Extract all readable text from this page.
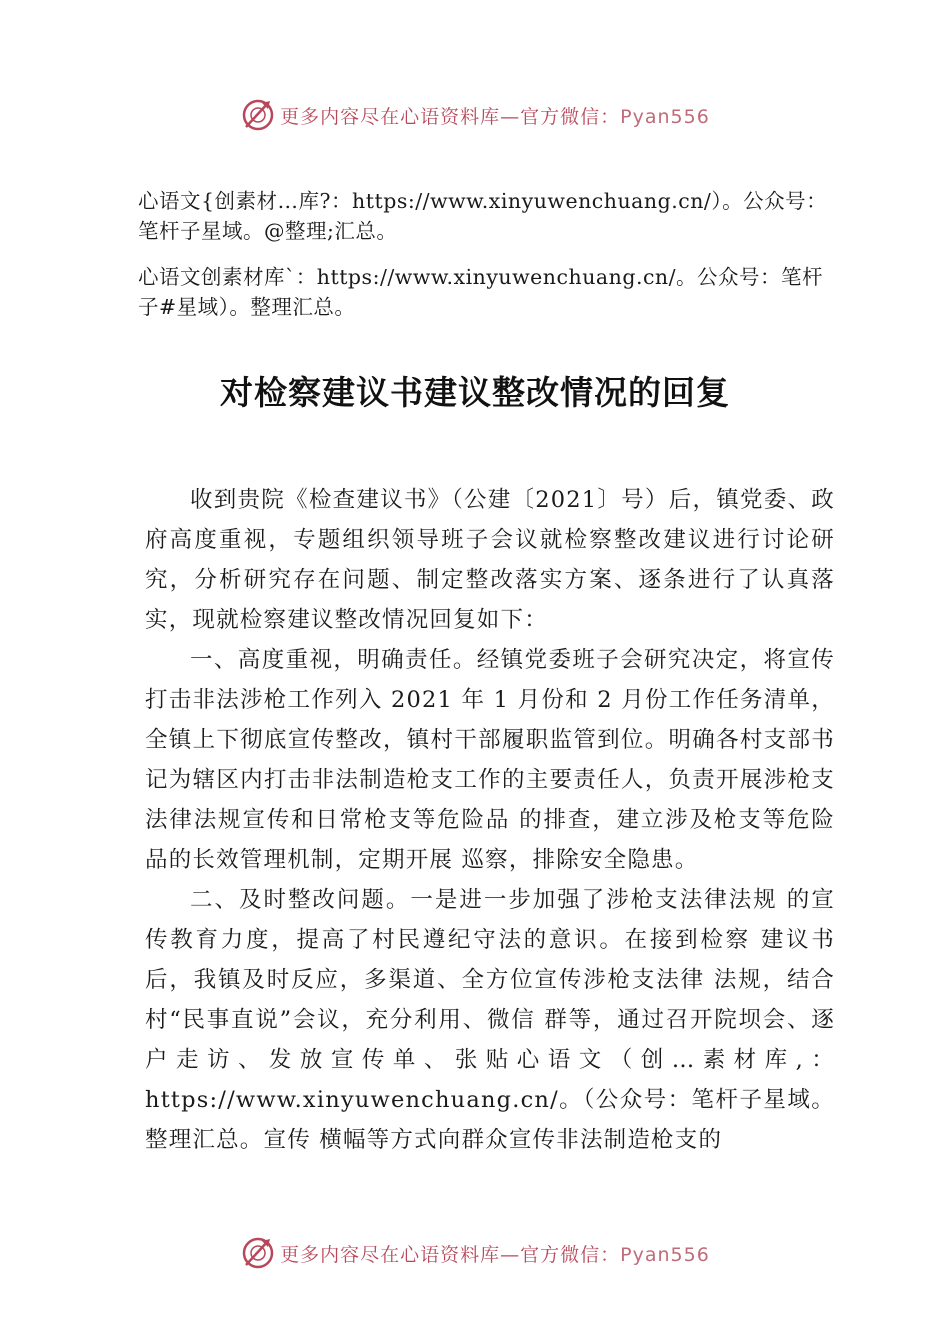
更多内容尽在心语资料库—官方微信：Pyan556
心语文{创素材…库?：https://www.xinyuwenchuang.cn/）。公众号：笔杆子星域。@整理;汇总。
心语文创素材库`：https://www.xinyuwenchuang.cn/。公众号：笔杆子#星域）。整理汇总。
对检察建议书建议整改情况的回复

收到贵院《检查建议书》（公建〔2021〕号）后，镇党委、政府高度重视，专题组织领导班子会议就检察整改建议进行讨论研究，分析研究存在问题、制定整改落实方案、逐条进行了认真落实，现就检察建议整改情况回复如下：

一、高度重视，明确责任。经镇党委班子会研究决定，将宣传打击非法涉枪工作列入 2021 年 1 月份和 2 月份工作任务清单，全镇上下彻底宣传整改，镇村干部履职监管到位。明确各村支部书记为辖区内打击非法制造枪支工作的主要责任人，负责开展涉枪支法律法规宣传和日常枪支等危险品 的排查，建立涉及枪支等危险品的长效管理机制，定期开展 巡察，排除安全隐患。

二、及时整改问题。一是进一步加强了涉枪支法律法规 的宣传教育力度，提高了村民遵纪守法的意识。在接到检察 建议书后，我镇及时反应，多渠道、全方位宣传涉枪支法律 法规，结合村“民事直说”会议，充分利用、微信 群等，通过召开院坝会、逐户走访、发放宣传单、张贴心语文（创…素材库,：https://www.xinyuwenchuang.cn/。（公众号：笔杆子星域。整理汇总。宣传 横幅等方式向群众宣传非法制造枪支的

更多内容尽在心语资料库—官方微信：Pyan556
